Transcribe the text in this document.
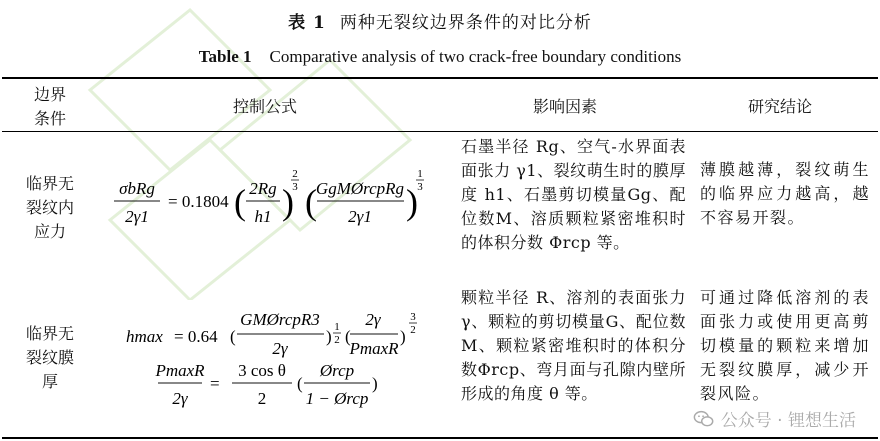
表 1 两种无裂纹边界条件的对比分析
Table 1 Comparative analysis of two crack-free boundary conditions
边界
条件
控制公式	影响因素	研究结论
临界无
裂纹内
应力
σbRg
2γ1
= 0.1804 ( 2Rg
h1 )
2
3 (
GgMØrcpRg
2γ1 )
1
3
石墨半径 Rg、空气-水界面表面张力 γ1、裂纹萌生时的膜厚度 h1、石墨剪切模量Gg、配位数M、溶质颗粒紧密堆积时的体积分数 Φrcp 等。
薄膜越薄，裂纹萌生的临界应力越高，越不容易开裂。
临界无
裂纹膜
厚
hmax = 0.64 (
GMØrcpR3
2γ
) 1
2 (
2γ
PmaxR
)
3
2
PmaxR
2γ
=
3 cos θ
2
(
Ørcp
1 − Ørcp
)
颗粒半径 R、溶剂的表面张力 γ、颗粒的剪切模量G、配位数 M、颗粒紧密堆积时的体积分数Φrcp、弯月面与孔隙内壁所形成的角度 θ 等。
可通过降低溶剂的表面张力或使用更高剪切模量的颗粒来增加无裂纹膜厚，减少开裂风险。
公众号 · 锂想生活
